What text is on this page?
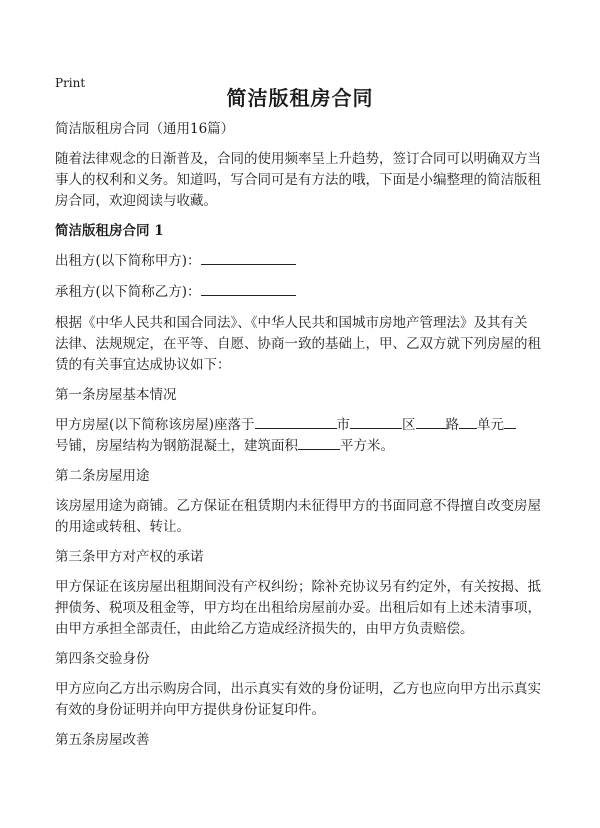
Print
简洁版租房合同

简洁版租房合同（通用16篇）

随着法律观念的日渐普及，合同的使用频率呈上升趋势，签订合同可以明确双方当
事人的权利和义务。知道吗，写合同可是有方法的哦，下面是小编整理的简洁版租
房合同，欢迎阅读与收藏。

简洁版租房合同 1

出租方(以下简称甲方)：

承租方(以下简称乙方)：

根据《中华人民共和国合同法》、《中华人民共和国城市房地产管理法》及其有关
法律、法规规定，在平等、自愿、协商一致的基础上，甲、乙双方就下列房屋的租
赁的有关事宜达成协议如下：

第一条房屋基本情况

甲方房屋(以下简称该房屋)座落于	市	区 路 单元
号铺，房屋结构为钢筋混凝土，建筑面积	平方米。

第二条房屋用途

该房屋用途为商铺。乙方保证在租赁期内未征得甲方的书面同意不得擅自改变房屋
的用途或转租、转让。

第三条甲方对产权的承诺

甲方保证在该房屋出租期间没有产权纠纷；除补充协议另有约定外，有关按揭、抵
押债务、税项及租金等，甲方均在出租给房屋前办妥。出租后如有上述未清事项，
由甲方承担全部责任，由此给乙方造成经济损失的，由甲方负责赔偿。

第四条交验身份

甲方应向乙方出示购房合同，出示真实有效的身份证明，乙方也应向甲方出示真实
有效的身份证明并向甲方提供身份证复印件。

第五条房屋改善
